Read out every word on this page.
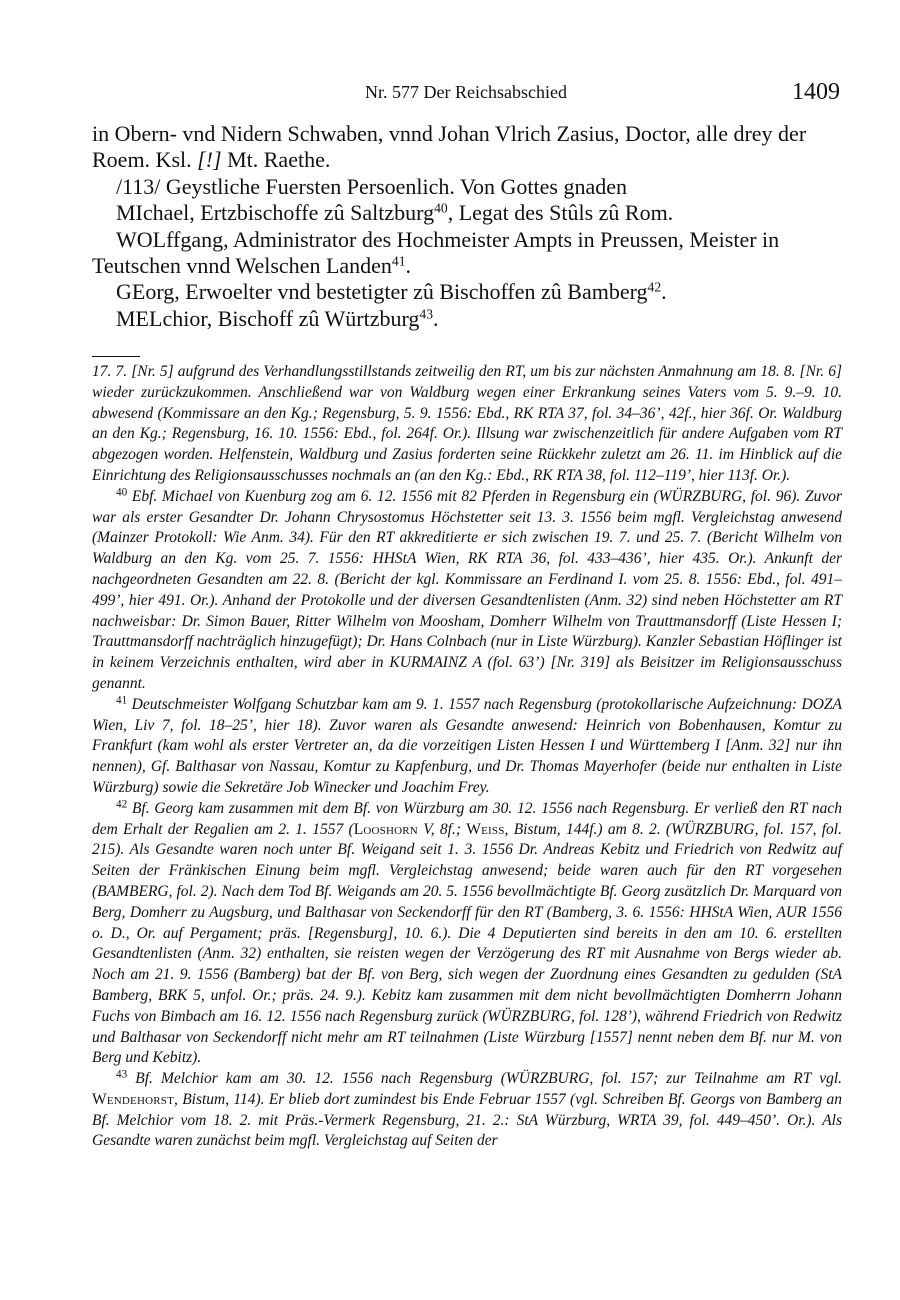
Nr. 577 Der Reichsabschied	1409

in Obern- vnd Nidern Schwaben, vnnd Johan Vlrich Zasius, Doctor, alle drey der Roem. Ksl. [!] Mt. Raethe.

/113/ Geystliche Fuersten Persoenlich. Von Gottes gnaden

MIchael, Ertzbischoffe zû Saltzburg$^{40}$, Legat des Stûls zû Rom.

WOLffgang, Administrator des Hochmeister Ampts in Preussen, Meister in Teutschen vnnd Welschen Landen$^{41}$.

GEorg, Erwoelter vnd bestetigter zû Bischoffen zû Bamberg$^{42}$.

MELchior, Bischoff zû Würtzburg$^{43}$.

17. 7. [Nr. 5] aufgrund des Verhandlungsstillstands zeitweilig den RT, um bis zur nächsten Anmahnung am 18. 8. [Nr. 6] wieder zurückzukommen. Anschließend war von Waldburg wegen einer Erkrankung seines Vaters vom 5. 9.–9. 10. abwesend (Kommissare an den Kg.; Regensburg, 5. 9. 1556: Ebd., RK RTA 37, fol. 34–36’, 42f., hier 36f. Or. Waldburg an den Kg.; Regensburg, 16. 10. 1556: Ebd., fol. 264f. Or.). Illsung war zwischenzeitlich für andere Aufgaben vom RT abgezogen worden. Helfenstein, Waldburg und Zasius forderten seine Rückkehr zuletzt am 26. 11. im Hinblick auf die Einrichtung des Religionsausschusses nochmals an (an den Kg.: Ebd., RK RTA 38, fol. 112–119’, hier 113f. Or.).

$^{40}$ Ebf. Michael von Kuenburg zog am 6. 12. 1556 mit 82 Pferden in Regensburg ein (WÜRZBURG, fol. 96). Zuvor war als erster Gesandter Dr. Johann Chrysostomus Höchstetter seit 13. 3. 1556 beim mgfl. Vergleichstag anwesend (Mainzer Protokoll: Wie Anm. 34). Für den RT akkreditierte er sich zwischen 19. 7. und 25. 7. (Bericht Wilhelm von Waldburg an den Kg. vom 25. 7. 1556: HHStA Wien, RK RTA 36, fol. 433–436’, hier 435. Or.). Ankunft der nachgeordneten Gesandten am 22. 8. (Bericht der kgl. Kommissare an Ferdinand I. vom 25. 8. 1556: Ebd., fol. 491–499’, hier 491. Or.). Anhand der Protokolle und der diversen Gesandtenlisten (Anm. 32) sind neben Höchstetter am RT nachweisbar: Dr. Simon Bauer, Ritter Wilhelm von Moosham, Domherr Wilhelm von Trauttmansdorff (Liste Hessen I; Trauttmansdorff nachträglich hinzugefügt); Dr. Hans Colnbach (nur in Liste Würzburg). Kanzler Sebastian Höflinger ist in keinem Verzeichnis enthalten, wird aber in KURMAINZ A (fol. 63’) [Nr. 319] als Beisitzer im Religionsausschuss genannt.

$^{41}$ Deutschmeister Wolfgang Schutzbar kam am 9. 1. 1557 nach Regensburg (protokollarische Aufzeichnung: DOZA Wien, Liv 7, fol. 18–25’, hier 18). Zuvor waren als Gesandte anwesend: Heinrich von Bobenhausen, Komtur zu Frankfurt (kam wohl als erster Vertreter an, da die vorzeitigen Listen Hessen I und Württemberg I [Anm. 32] nur ihn nennen), Gf. Balthasar von Nassau, Komtur zu Kapfenburg, und Dr. Thomas Mayerhofer (beide nur enthalten in Liste Würzburg) sowie die Sekretäre Job Winecker und Joachim Frey.

$^{42}$ Bf. Georg kam zusammen mit dem Bf. von Würzburg am 30. 12. 1556 nach Regensburg. Er verließ den RT nach dem Erhalt der Regalien am 2. 1. 1557 (Looshorn V, 8f.; Weiss, Bistum, 144f.) am 8. 2. (WÜRZBURG, fol. 157, fol. 215). Als Gesandte waren noch unter Bf. Weigand seit 1. 3. 1556 Dr. Andreas Kebitz und Friedrich von Redwitz auf Seiten der Fränkischen Einung beim mgfl. Vergleichstag anwesend; beide waren auch für den RT vorgesehen (BAMBERG, fol. 2). Nach dem Tod Bf. Weigands am 20. 5. 1556 bevollmächtigte Bf. Georg zusätzlich Dr. Marquard von Berg, Domherr zu Augsburg, und Balthasar von Seckendorff für den RT (Bamberg, 3. 6. 1556: HHStA Wien, AUR 1556 o. D., Or. auf Pergament; präs. [Regensburg], 10. 6.). Die 4 Deputierten sind bereits in den am 10. 6. erstellten Gesandtenlisten (Anm. 32) enthalten, sie reisten wegen der Verzögerung des RT mit Ausnahme von Bergs wieder ab. Noch am 21. 9. 1556 (Bamberg) bat der Bf. von Berg, sich wegen der Zuordnung eines Gesandten zu gedulden (StA Bamberg, BRK 5, unfol. Or.; präs. 24. 9.). Kebitz kam zusammen mit dem nicht bevollmächtigten Domherrn Johann Fuchs von Bimbach am 16. 12. 1556 nach Regensburg zurück (WÜRZBURG, fol. 128’), während Friedrich von Redwitz und Balthasar von Seckendorff nicht mehr am RT teilnahmen (Liste Würzburg [1557] nennt neben dem Bf. nur M. von Berg und Kebitz).

$^{43}$ Bf. Melchior kam am 30. 12. 1556 nach Regensburg (WÜRZBURG, fol. 157; zur Teilnahme am RT vgl. Wendehorst, Bistum, 114). Er blieb dort zumindest bis Ende Februar 1557 (vgl. Schreiben Bf. Georgs von Bamberg an Bf. Melchior vom 18. 2. mit Präs.-Vermerk Regensburg, 21. 2.: StA Würzburg, WRTA 39, fol. 449–450’. Or.). Als Gesandte waren zunächst beim mgfl. Vergleichstag auf Seiten der
